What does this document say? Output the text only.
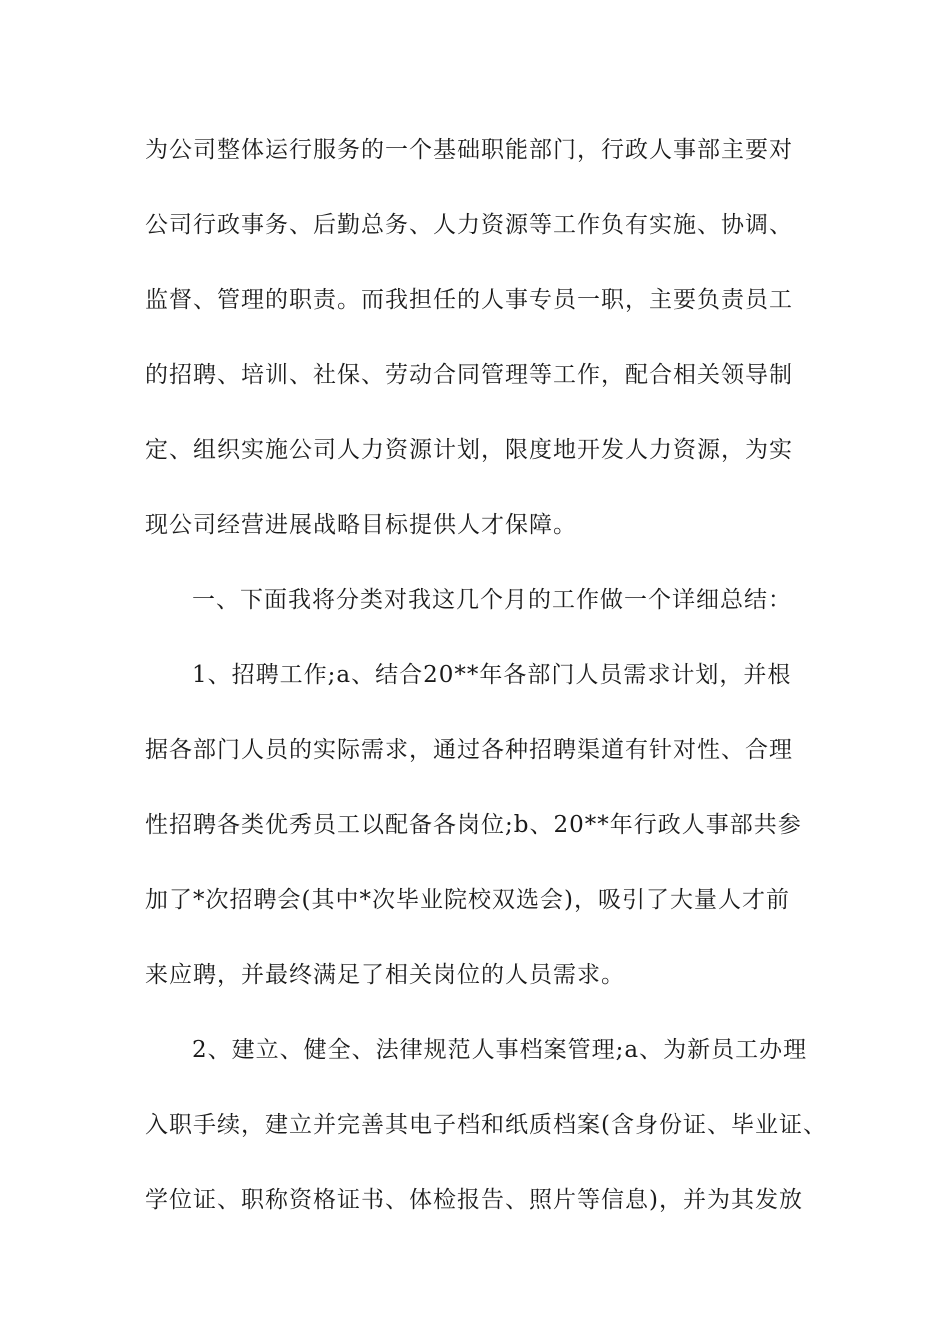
为公司整体运行服务的一个基础职能部门，行政人事部主要对
公司行政事务、后勤总务、人力资源等工作负有实施、协调、
监督、管理的职责。而我担任的人事专员一职，主要负责员工
的招聘、培训、社保、劳动合同管理等工作，配合相关领导制
定、组织实施公司人力资源计划，限度地开发人力资源，为实
现公司经营进展战略目标提供人才保障。
一、下面我将分类对我这几个月的工作做一个详细总结：
1、招聘工作;a、结合20**年各部门人员需求计划，并根
据各部门人员的实际需求，通过各种招聘渠道有针对性、合理
性招聘各类优秀员工以配备各岗位;b、20**年行政人事部共参
加了*次招聘会(其中*次毕业院校双选会)，吸引了大量人才前
来应聘，并最终满足了相关岗位的人员需求。
2、建立、健全、法律规范人事档案管理;a、为新员工办理
入职手续，建立并完善其电子档和纸质档案(含身份证、毕业证、
学位证、职称资格证书、体检报告、照片等信息)，并为其发放
